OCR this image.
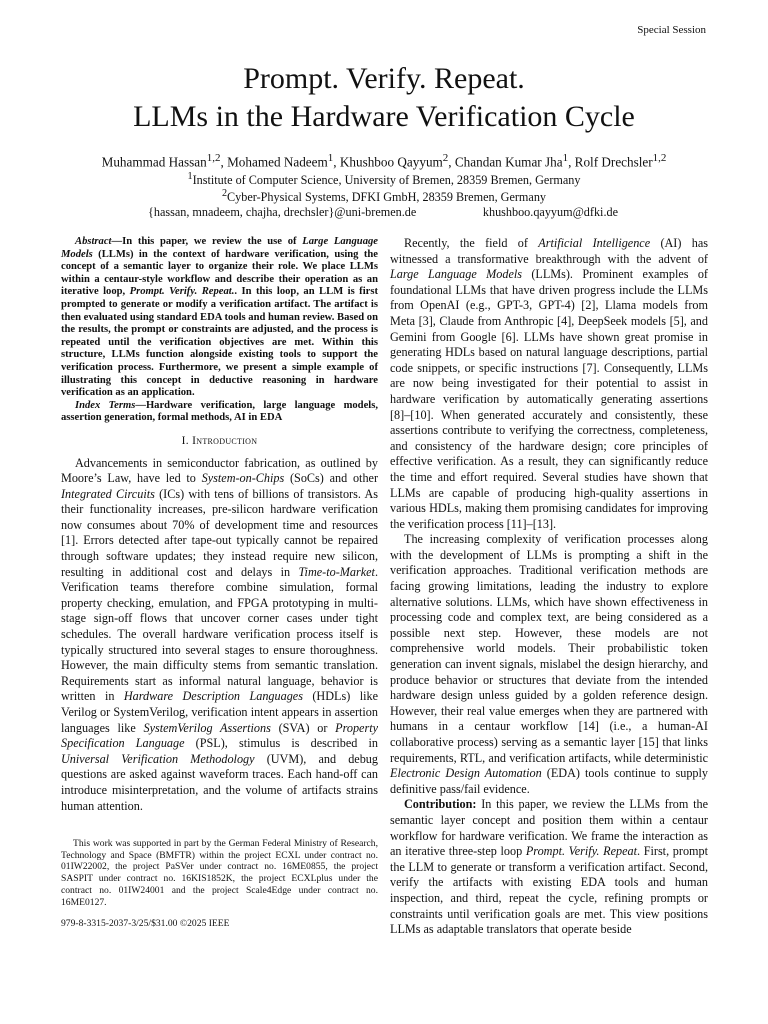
Special Session
Prompt. Verify. Repeat.
LLMs in the Hardware Verification Cycle
Muhammad Hassan$^{1,2}$, Mohamed Nadeem$^1$, Khushboo Qayyum$^2$, Chandan Kumar Jha$^1$, Rolf Drechsler$^{1,2}$
$^1$Institute of Computer Science, University of Bremen, 28359 Bremen, Germany
$^2$Cyber-Physical Systems, DFKI GmbH, 28359 Bremen, Germany
{hassan, mnadeem, chajha, drechsler}@uni-bremen.de	khushboo.qayyum@dfki.de

Abstract—In this paper, we review the use of Large Language Models (LLMs) in the context of hardware verification, using the concept of a semantic layer to organize their role. We place LLMs within a centaur-style workflow and describe their operation as an iterative loop, Prompt. Verify. Repeat.. In this loop, an LLM is first prompted to generate or modify a verification artifact. The artifact is then evaluated using standard EDA tools and human review. Based on the results, the prompt or constraints are adjusted, and the process is repeated until the verification objectives are met. Within this structure, LLMs function alongside existing tools to support the verification process. Furthermore, we present a simple example of illustrating this concept in deductive reasoning in hardware verification as an application.

Index Terms—Hardware verification, large language models, assertion generation, formal methods, AI in EDA

I. Introduction

Advancements in semiconductor fabrication, as outlined by Moore’s Law, have led to System-on-Chips (SoCs) and other Integrated Circuits (ICs) with tens of billions of transistors. As their functionality increases, pre-silicon hardware verification now consumes about 70% of development time and resources [1]. Errors detected after tape-out typically cannot be repaired through software updates; they instead require new silicon, resulting in additional cost and delays in Time-to-Market. Verification teams therefore combine simulation, formal property checking, emulation, and FPGA prototyping in multi-stage sign-off flows that uncover corner cases under tight schedules. The overall hardware verification process itself is typically structured into several stages to ensure thoroughness. However, the main difficulty stems from semantic translation. Requirements start as informal natural language, behavior is written in Hardware Description Languages (HDLs) like Verilog or SystemVerilog, verification intent appears in assertion languages like SystemVerilog Assertions (SVA) or Property Specification Language (PSL), stimulus is described in Universal Verification Methodology (UVM), and debug questions are asked against waveform traces. Each hand-off can introduce misinterpretation, and the volume of artifacts strains human attention.

This work was supported in part by the German Federal Ministry of Research, Technology and Space (BMFTR) within the project ECXL under contract no. 01IW22002, the project PaSVer under contract no. 16ME0855, the project SASPIT under contract no. 16KIS1852K, the project ECXLplus under the contract no. 01IW24001 and the project Scale4Edge under contract no. 16ME0127.

979-8-3315-2037-3/25/$31.00 ©2025 IEEE

Recently, the field of Artificial Intelligence (AI) has witnessed a transformative breakthrough with the advent of Large Language Models (LLMs). Prominent examples of foundational LLMs that have driven progress include the LLMs from OpenAI (e.g., GPT-3, GPT-4) [2], Llama models from Meta [3], Claude from Anthropic [4], DeepSeek models [5], and Gemini from Google [6]. LLMs have shown great promise in generating HDLs based on natural language descriptions, partial code snippets, or specific instructions [7]. Consequently, LLMs are now being investigated for their potential to assist in hardware verification by automatically generating assertions [8]–[10]. When generated accurately and consistently, these assertions contribute to verifying the correctness, completeness, and consistency of the hardware design; core principles of effective verification. As a result, they can significantly reduce the time and effort required. Several studies have shown that LLMs are capable of producing high-quality assertions in various HDLs, making them promising candidates for improving the verification process [11]–[13].

The increasing complexity of verification processes along with the development of LLMs is prompting a shift in the verification approaches. Traditional verification methods are facing growing limitations, leading the industry to explore alternative solutions. LLMs, which have shown effectiveness in processing code and complex text, are being considered as a possible next step. However, these models are not comprehensive world models. Their probabilistic token generation can invent signals, mislabel the design hierarchy, and produce behavior or structures that deviate from the intended hardware design unless guided by a golden reference design. However, their real value emerges when they are partnered with humans in a centaur workflow [14] (i.e., a human-AI collaborative process) serving as a semantic layer [15] that links requirements, RTL, and verification artifacts, while deterministic Electronic Design Automation (EDA) tools continue to supply definitive pass/fail evidence.

Contribution: In this paper, we review the LLMs from the semantic layer concept and position them within a centaur workflow for hardware verification. We frame the interaction as an iterative three-step loop Prompt. Verify. Repeat. First, prompt the LLM to generate or transform a verification artifact. Second, verify the artifacts with existing EDA tools and human inspection, and third, repeat the cycle, refining prompts or constraints until verification goals are met. This view positions LLMs as adaptable translators that operate beside
